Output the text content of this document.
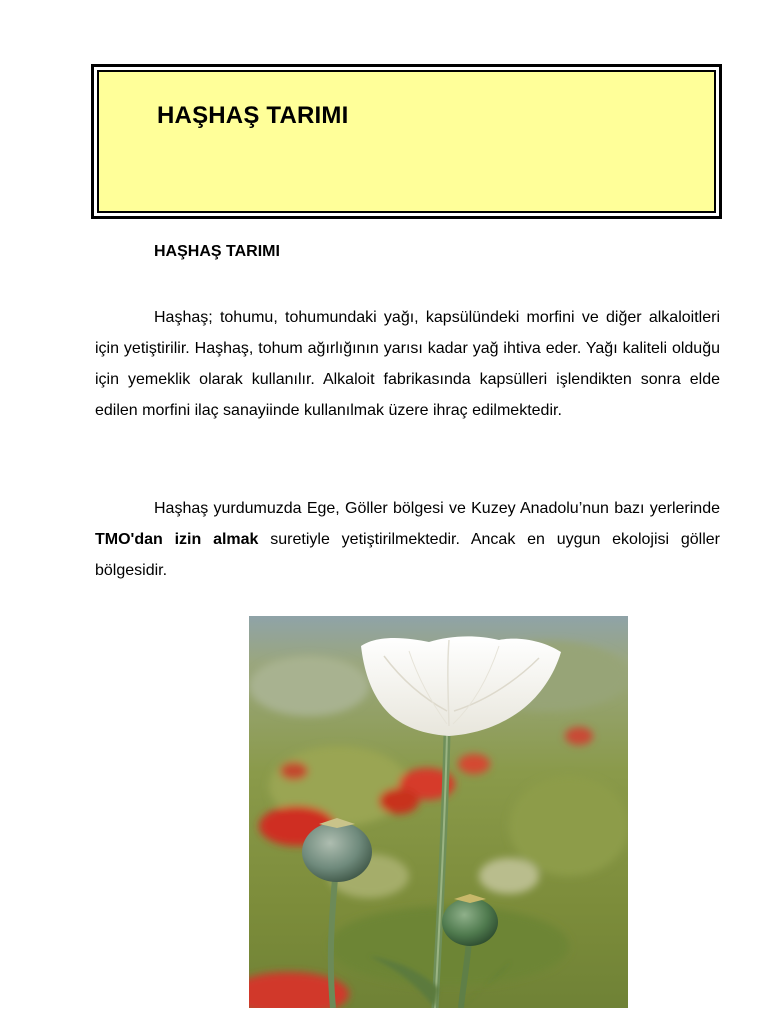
HAŞHAŞ TARIMI
HAŞHAŞ TARIMI

Haşhaş; tohumu, tohumundaki yağı, kapsülündeki morfini ve diğer alkaloitleri için yetiştirilir. Haşhaş, tohum ağırlığının yarısı kadar yağ ihtiva eder. Yağı kaliteli olduğu için yemeklik olarak kullanılır. Alkaloit fabrikasında kapsülleri işlendikten sonra elde edilen morfini ilaç sanayiinde kullanılmak üzere ihraç edilmektedir.

Haşhaş yurdumuzda Ege, Göller bölgesi ve Kuzey Anadolu’nun bazı yerlerinde TMO'dan izin almak suretiyle yetiştirilmektedir. Ancak en uygun ekolojisi göller bölgesidir.
